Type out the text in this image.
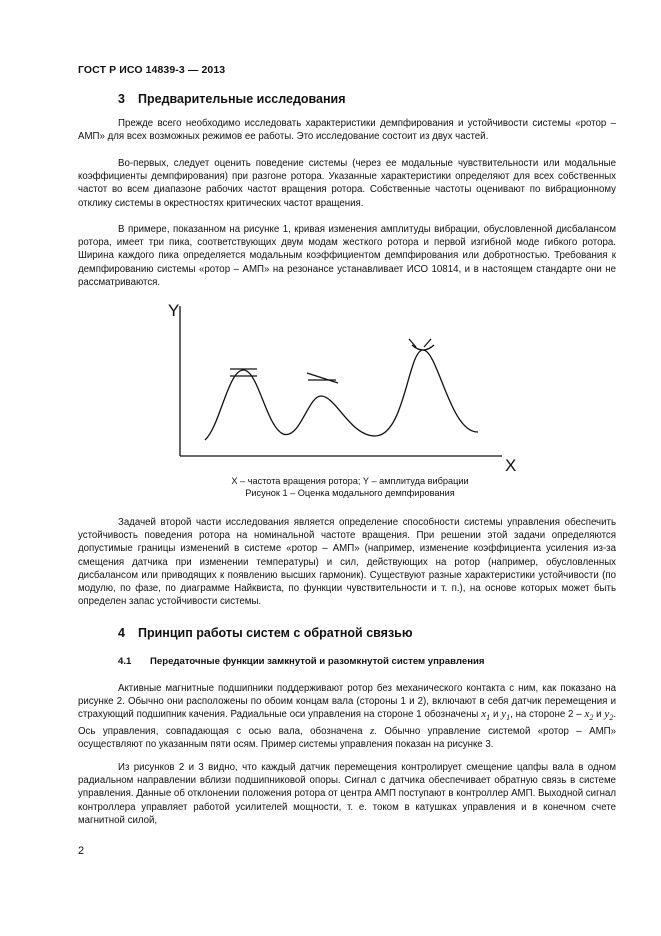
ГОСТ Р ИСО 14839-3 — 2013
3 Предварительные исследования

Прежде всего необходимо исследовать характеристики демпфирования и устойчивости системы «ротор – АМП» для всех возможных режимов ее работы. Это исследование состоит из двух частей.

Во-первых, следует оценить поведение системы (через ее модальные чувствительности или модальные коэффициенты демпфирования) при разгоне ротора. Указанные характеристики определяют для всех собственных частот во всем диапазоне рабочих частот вращения ротора. Собственные частоты оценивают по вибрационному отклику системы в окрестностях критических частот вращения.

В примере, показанном на рисунке 1, кривая изменения амплитуды вибрации, обусловленной дисбалансом ротора, имеет три пика, соответствующих двум модам жесткого ротора и первой изгибной моде гибкого ротора. Ширина каждого пика определяется модальным коэффициентом демпфирования или добротностью. Требования к демпфированию системы «ротор – АМП» на резонансе устанавливает ИСО 10814, и в настоящем стандарте они не рассматриваются.

Y
X
X – частота вращения ротора; Y – амплитуда вибрации
Рисунок 1 – Оценка модального демпфирования

Задачей второй части исследования является определение способности системы управления обеспечить устойчивость поведения ротора на номинальной частоте вращения. При решении этой задачи определяются допустимые границы изменений в системе «ротор – АМП» (например, изменение коэффициента усиления из-за смещения датчика при изменении температуры) и сил, действующих на ротор (например, обусловленных дисбалансом или приводящих к появлению высших гармоник). Существуют разные характеристики устойчивости (по модулю, по фазе, по диаграмме Найквиста, по функции чувствительности и т. п.), на основе которых может быть определен запас устойчивости системы.

4 Принцип работы систем с обратной связью
4.1 Передаточные функции замкнутой и разомкнутой систем управления

Активные магнитные подшипники поддерживают ротор без механического контакта с ним, как показано на рисунке 2. Обычно они расположены по обоим концам вала (стороны 1 и 2), включают в себя датчик перемещения и страхующий подшипник качения. Радиальные оси управления на стороне 1 обозначены $x_1$ и $y_1$, на стороне $2 - x_2$ и $y_2$. Ось управления, совпадающая с осью вала, обозначена z. Обычно управление системой «ротор – АМП» осуществляют по указанным пяти осям. Пример системы управления показан на рисунке 3.

Из рисунков 2 и 3 видно, что каждый датчик перемещения контролирует смещение цапфы вала в одном радиальном направлении вблизи подшипниковой опоры. Сигнал с датчика обеспечивает обратную связь в системе управления. Данные об отклонении положения ротора от центра АМП поступают в контроллер АМП. Выходной сигнал контроллера управляет работой усилителей мощности, т. е. током в катушках управления и в конечном счете магнитной силой,

2
